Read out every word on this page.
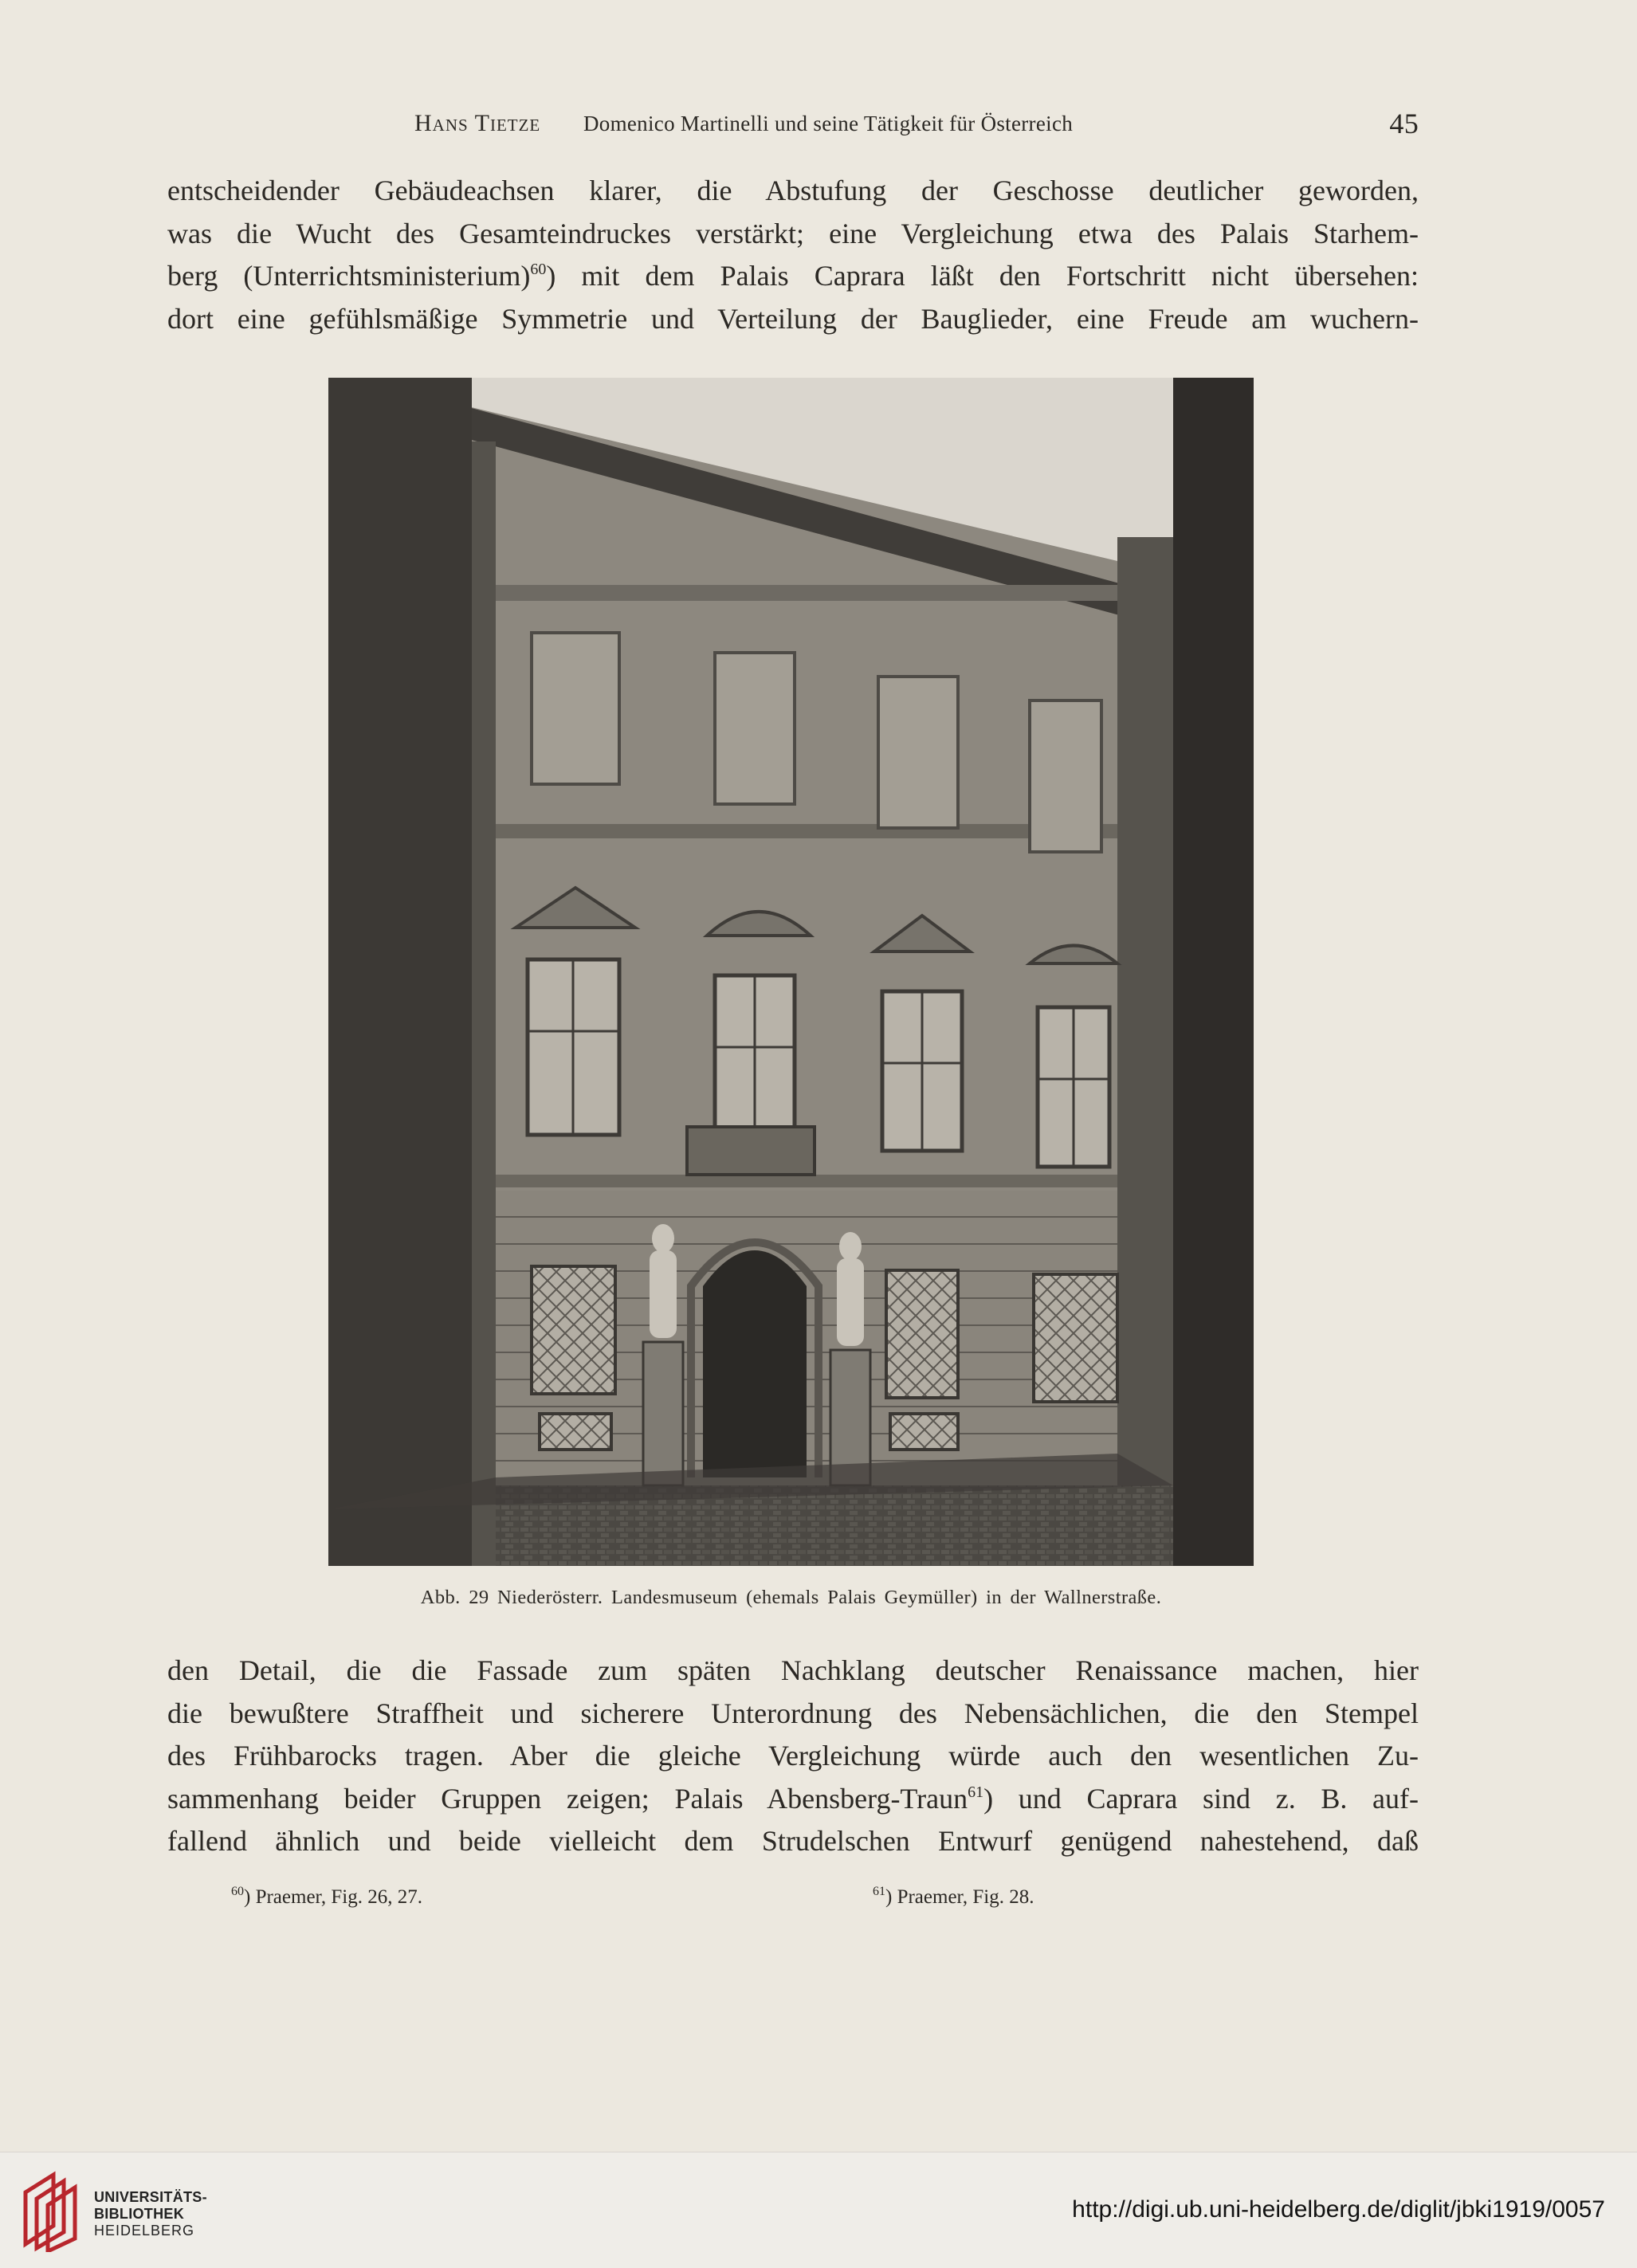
Hans Tietze Domenico Martinelli und seine Tätigkeit für Österreich	45
entscheidender Gebäudeachsen klarer, die Abstufung der Geschosse deutlicher geworden,
was die Wucht des Gesamteindruckes verstärkt; eine Vergleichung etwa des Palais Starhem-
berg (Unterrichtsministerium)$^{60}$) mit dem Palais Caprara läßt den Fortschritt nicht übersehen:
dort eine gefühlsmäßige Symmetrie und Verteilung der Bauglieder, eine Freude am wuchern-
Abb. 29 Niederösterr. Landesmuseum (ehemals Palais Geymüller) in der Wallnerstraße.
den Detail, die die Fassade zum späten Nachklang deutscher Renaissance machen, hier
die bewußtere Straffheit und sicherere Unterordnung des Nebensächlichen, die den Stempel
des Frühbarocks tragen. Aber die gleiche Vergleichung würde auch den wesentlichen Zu-
sammenhang beider Gruppen zeigen; Palais Abensberg-Traun$^{61}$) und Caprara sind z. B. auf-
fallend ähnlich und beide vielleicht dem Strudelschen Entwurf genügend nahestehend, daß
$^{60}$) Praemer, Fig. 26, 27.	$^{61}$) Praemer, Fig. 28.
UNIVERSITÄTS-
BIBLIOTHEK
HEIDELBERG
http://digi.ub.uni-heidelberg.de/diglit/jbki1919/0057
